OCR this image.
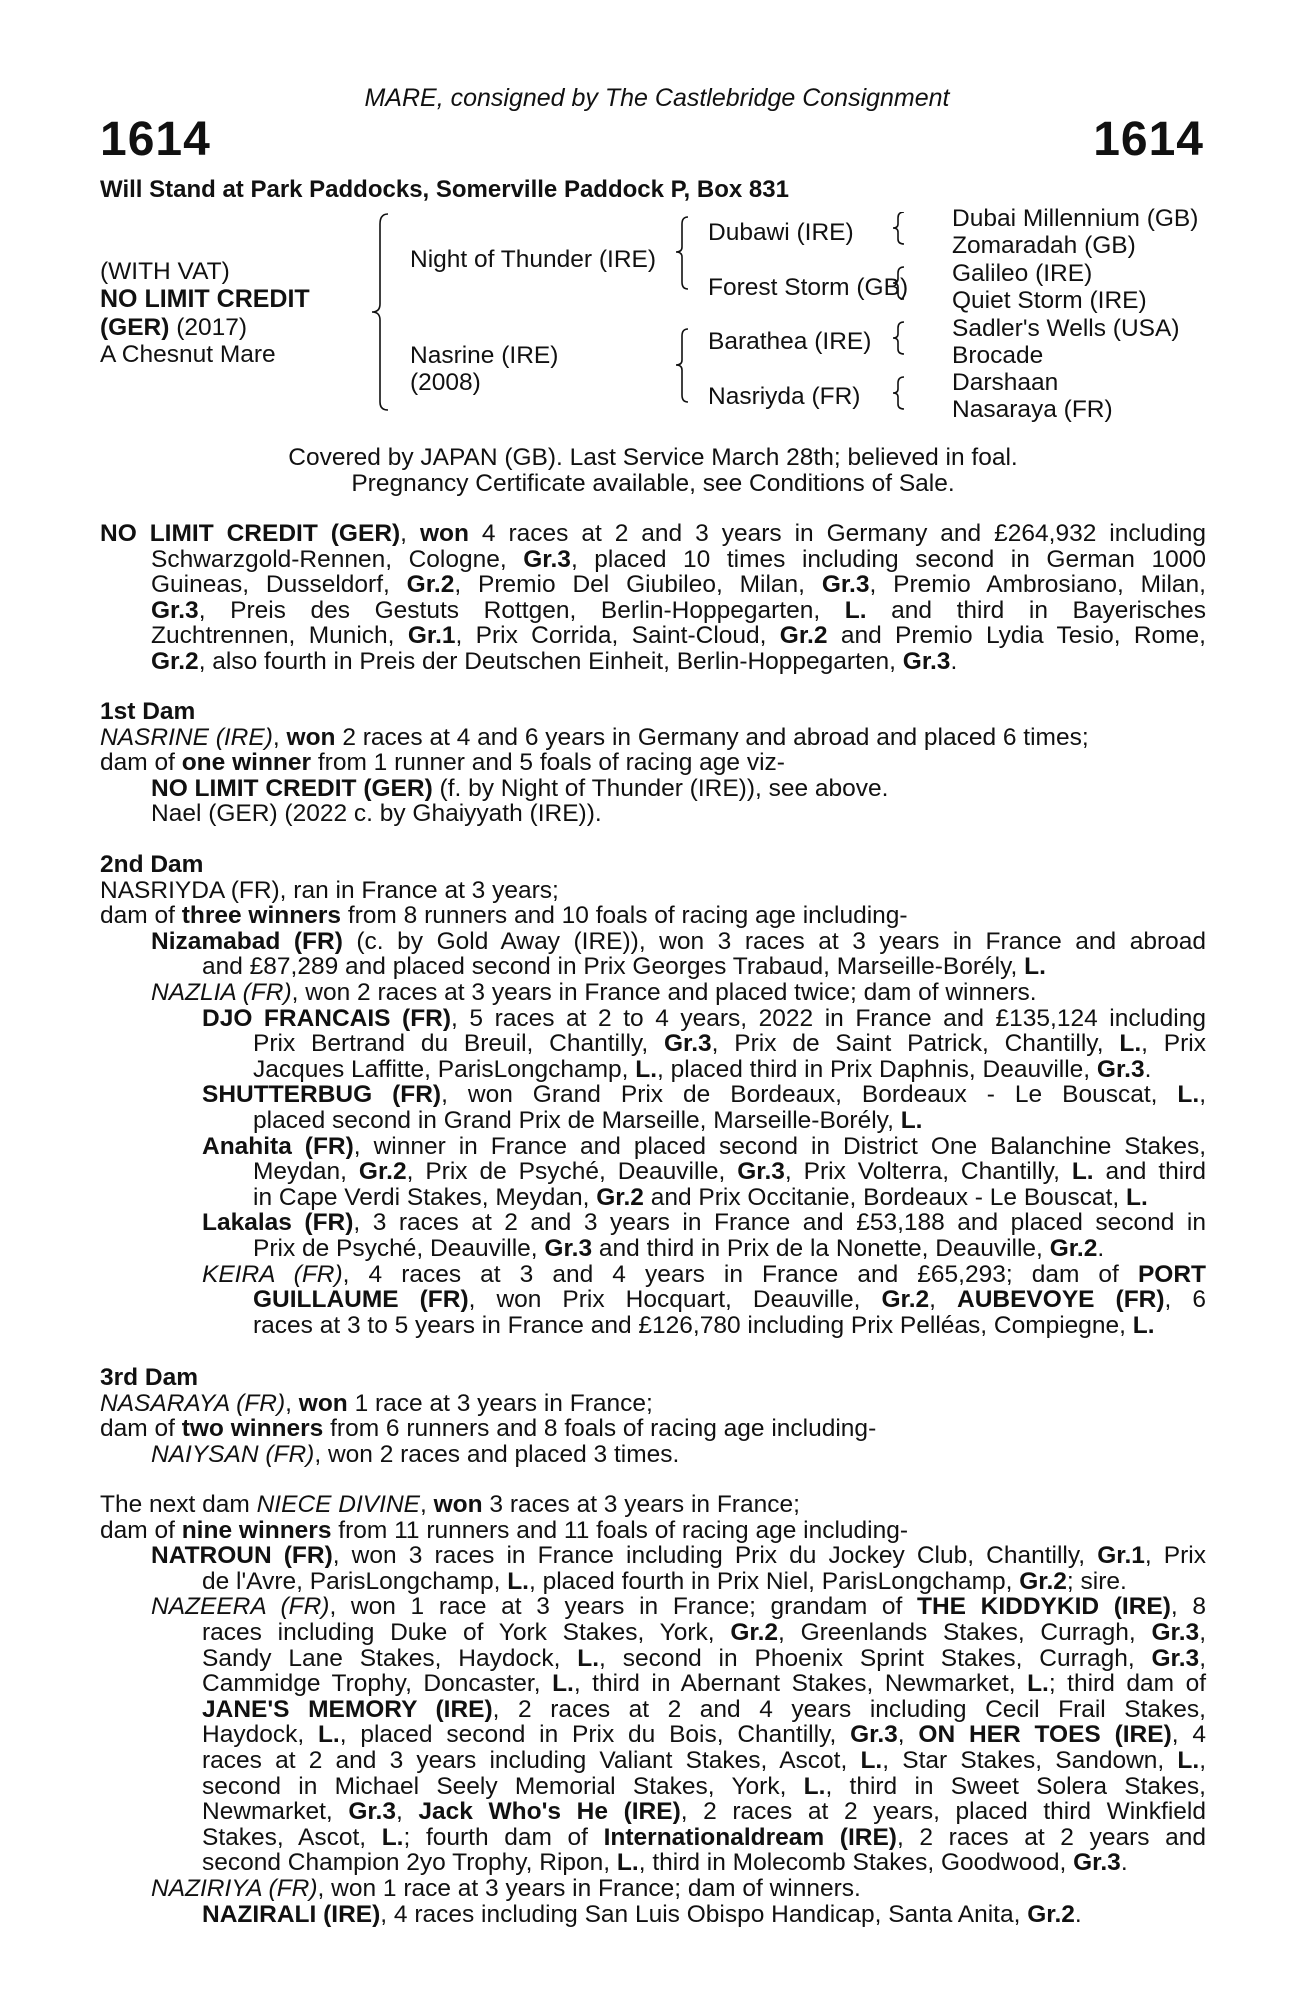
MARE, consigned by The Castlebridge Consignment
1614	1614
Will Stand at Park Paddocks, Somerville Paddock P, Box 831
(WITH VAT)
NO LIMIT CREDIT
(GER) (2017)
A Chesnut Mare
Night of Thunder (IRE)
Nasrine (IRE)
(2008)
Dubawi (IRE)
Forest Storm (GB)
Barathea (IRE)
Nasriyda (FR)
Dubai Millennium (GB)
Zomaradah (GB)
Galileo (IRE)
Quiet Storm (IRE)
Sadler's Wells (USA)
Brocade
Darshaan
Nasaraya (FR)
Covered by JAPAN (GB). Last Service March 28th; believed in foal.
Pregnancy Certificate available, see Conditions of Sale.
NO LIMIT CREDIT (GER), won 4 races at 2 and 3 years in Germany and £264,932 including
Schwarzgold-Rennen, Cologne, Gr.3, placed 10 times including second in German 1000
Guineas, Dusseldorf, Gr.2, Premio Del Giubileo, Milan, Gr.3, Premio Ambrosiano, Milan,
Gr.3, Preis des Gestuts Rottgen, Berlin-Hoppegarten, L. and third in Bayerisches
Zuchtrennen, Munich, Gr.1, Prix Corrida, Saint-Cloud, Gr.2 and Premio Lydia Tesio, Rome,
Gr.2, also fourth in Preis der Deutschen Einheit, Berlin-Hoppegarten, Gr.3.
1st Dam
NASRINE (IRE), won 2 races at 4 and 6 years in Germany and abroad and placed 6 times;
dam of one winner from 1 runner and 5 foals of racing age viz-
NO LIMIT CREDIT (GER) (f. by Night of Thunder (IRE)), see above.
Nael (GER) (2022 c. by Ghaiyyath (IRE)).
2nd Dam
NASRIYDA (FR), ran in France at 3 years;
dam of three winners from 8 runners and 10 foals of racing age including-
Nizamabad (FR) (c. by Gold Away (IRE)), won 3 races at 3 years in France and abroad
and £87,289 and placed second in Prix Georges Trabaud, Marseille-Borély, L.
NAZLIA (FR), won 2 races at 3 years in France and placed twice; dam of winners.
DJO FRANCAIS (FR), 5 races at 2 to 4 years, 2022 in France and £135,124 including
Prix Bertrand du Breuil, Chantilly, Gr.3, Prix de Saint Patrick, Chantilly, L., Prix
Jacques Laffitte, ParisLongchamp, L., placed third in Prix Daphnis, Deauville, Gr.3.
SHUTTERBUG (FR), won Grand Prix de Bordeaux, Bordeaux - Le Bouscat, L.,
placed second in Grand Prix de Marseille, Marseille-Borély, L.
Anahita (FR), winner in France and placed second in District One Balanchine Stakes,
Meydan, Gr.2, Prix de Psyché, Deauville, Gr.3, Prix Volterra, Chantilly, L. and third
in Cape Verdi Stakes, Meydan, Gr.2 and Prix Occitanie, Bordeaux - Le Bouscat, L.
Lakalas (FR), 3 races at 2 and 3 years in France and £53,188 and placed second in
Prix de Psyché, Deauville, Gr.3 and third in Prix de la Nonette, Deauville, Gr.2.
KEIRA (FR), 4 races at 3 and 4 years in France and £65,293; dam of PORT
GUILLAUME (FR), won Prix Hocquart, Deauville, Gr.2, AUBEVOYE (FR), 6
races at 3 to 5 years in France and £126,780 including Prix Pelléas, Compiegne, L.
3rd Dam
NASARAYA (FR), won 1 race at 3 years in France;
dam of two winners from 6 runners and 8 foals of racing age including-
NAIYSAN (FR), won 2 races and placed 3 times.
The next dam NIECE DIVINE, won 3 races at 3 years in France;
dam of nine winners from 11 runners and 11 foals of racing age including-
NATROUN (FR), won 3 races in France including Prix du Jockey Club, Chantilly, Gr.1, Prix
de l'Avre, ParisLongchamp, L., placed fourth in Prix Niel, ParisLongchamp, Gr.2; sire.
NAZEERA (FR), won 1 race at 3 years in France; grandam of THE KIDDYKID (IRE), 8
races including Duke of York Stakes, York, Gr.2, Greenlands Stakes, Curragh, Gr.3,
Sandy Lane Stakes, Haydock, L., second in Phoenix Sprint Stakes, Curragh, Gr.3,
Cammidge Trophy, Doncaster, L., third in Abernant Stakes, Newmarket, L.; third dam of
JANE'S MEMORY (IRE), 2 races at 2 and 4 years including Cecil Frail Stakes,
Haydock, L., placed second in Prix du Bois, Chantilly, Gr.3, ON HER TOES (IRE), 4
races at 2 and 3 years including Valiant Stakes, Ascot, L., Star Stakes, Sandown, L.,
second in Michael Seely Memorial Stakes, York, L., third in Sweet Solera Stakes,
Newmarket, Gr.3, Jack Who's He (IRE), 2 races at 2 years, placed third Winkfield
Stakes, Ascot, L.; fourth dam of Internationaldream (IRE), 2 races at 2 years and
second Champion 2yo Trophy, Ripon, L., third in Molecomb Stakes, Goodwood, Gr.3.
NAZIRIYA (FR), won 1 race at 3 years in France; dam of winners.
NAZIRALI (IRE), 4 races including San Luis Obispo Handicap, Santa Anita, Gr.2.
